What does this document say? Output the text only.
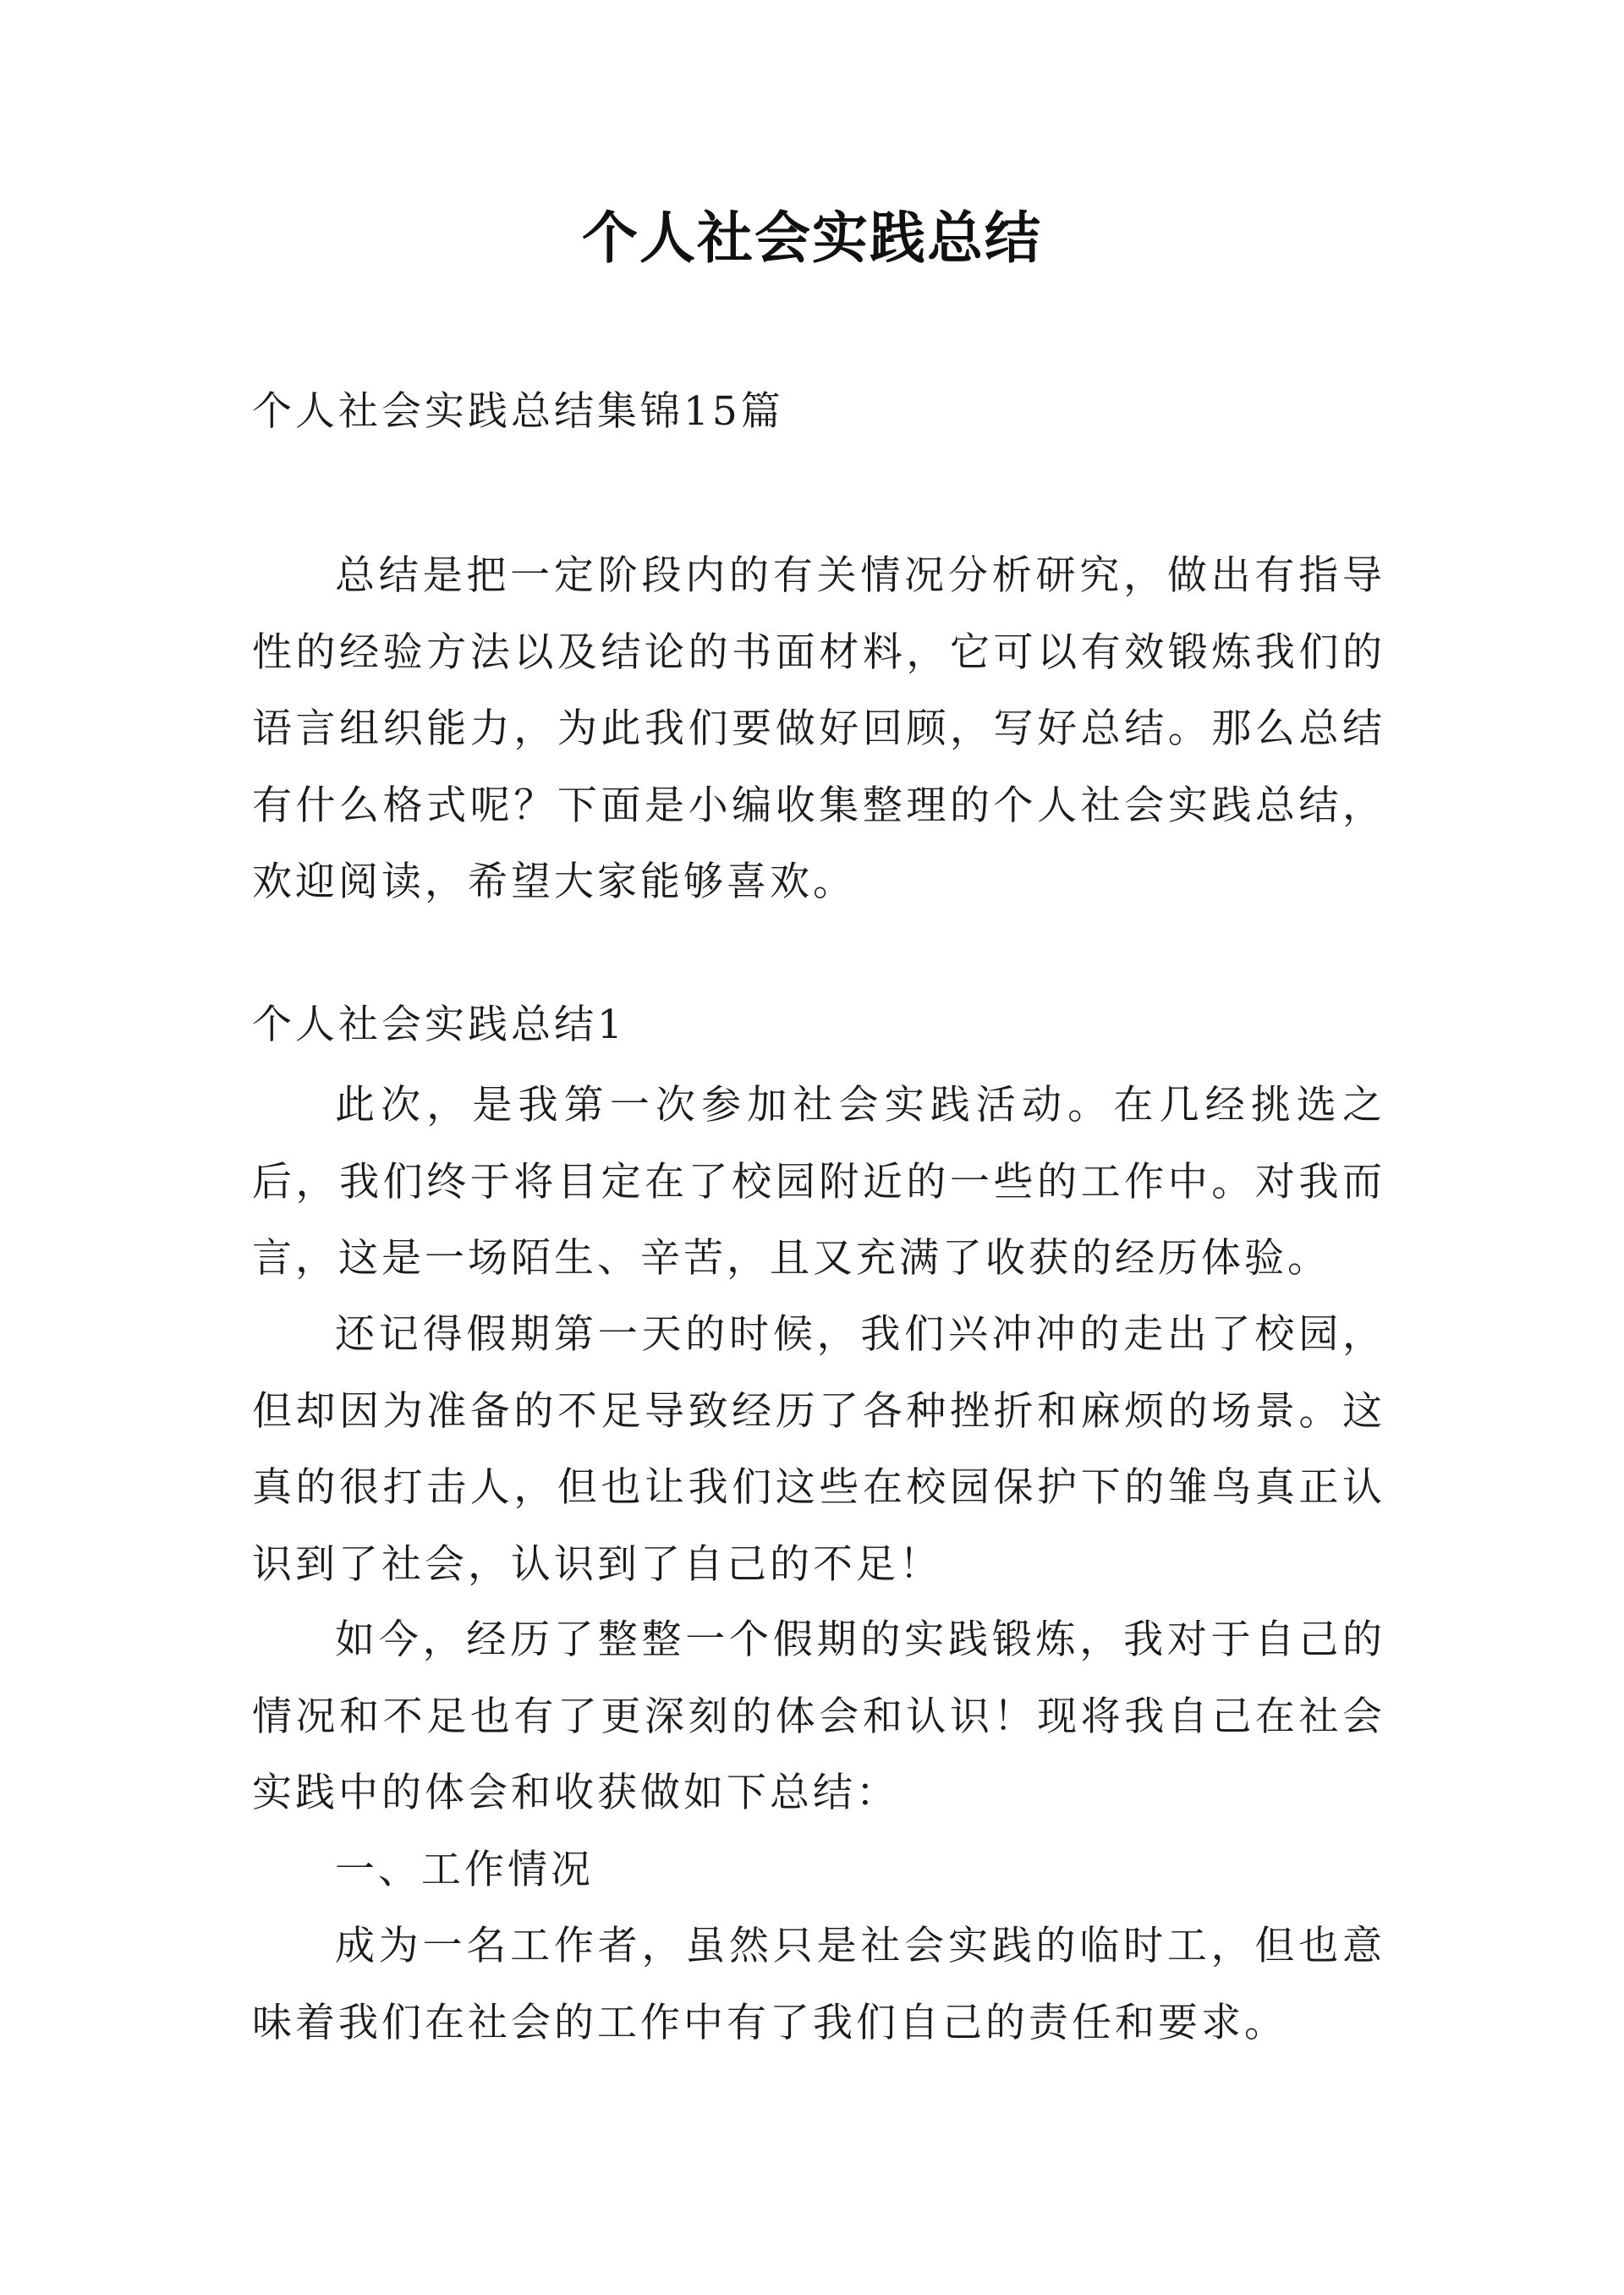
个人社会实践总结
个人社会实践总结集锦15篇

总结是把一定阶段内的有关情况分析研究，做出有指导性的经验方法以及结论的书面材料，它可以有效锻炼我们的语言组织能力，为此我们要做好回顾，写好总结。那么总结有什么格式呢？下面是小编收集整理的个人社会实践总结，欢迎阅读，希望大家能够喜欢。

个人社会实践总结1

此次，是我第一次参加社会实践活动。在几经挑选之后，我们终于将目定在了校园附近的一些的工作中。对我而言，这是一场陌生、辛苦，且又充满了收获的经历体验。

还记得假期第一天的时候，我们兴冲冲的走出了校园，但却因为准备的不足导致经历了各种挫折和麻烦的场景。这真的很打击人，但也让我们这些在校园保护下的雏鸟真正认识到了社会，认识到了自己的不足！

如今，经历了整整一个假期的实践锻炼，我对于自己的情况和不足也有了更深刻的体会和认识！现将我自己在社会实践中的体会和收获做如下总结：

一、工作情况

成为一名工作者，虽然只是社会实践的临时工，但也意味着我们在社会的工作中有了我们自己的责任和要求。
